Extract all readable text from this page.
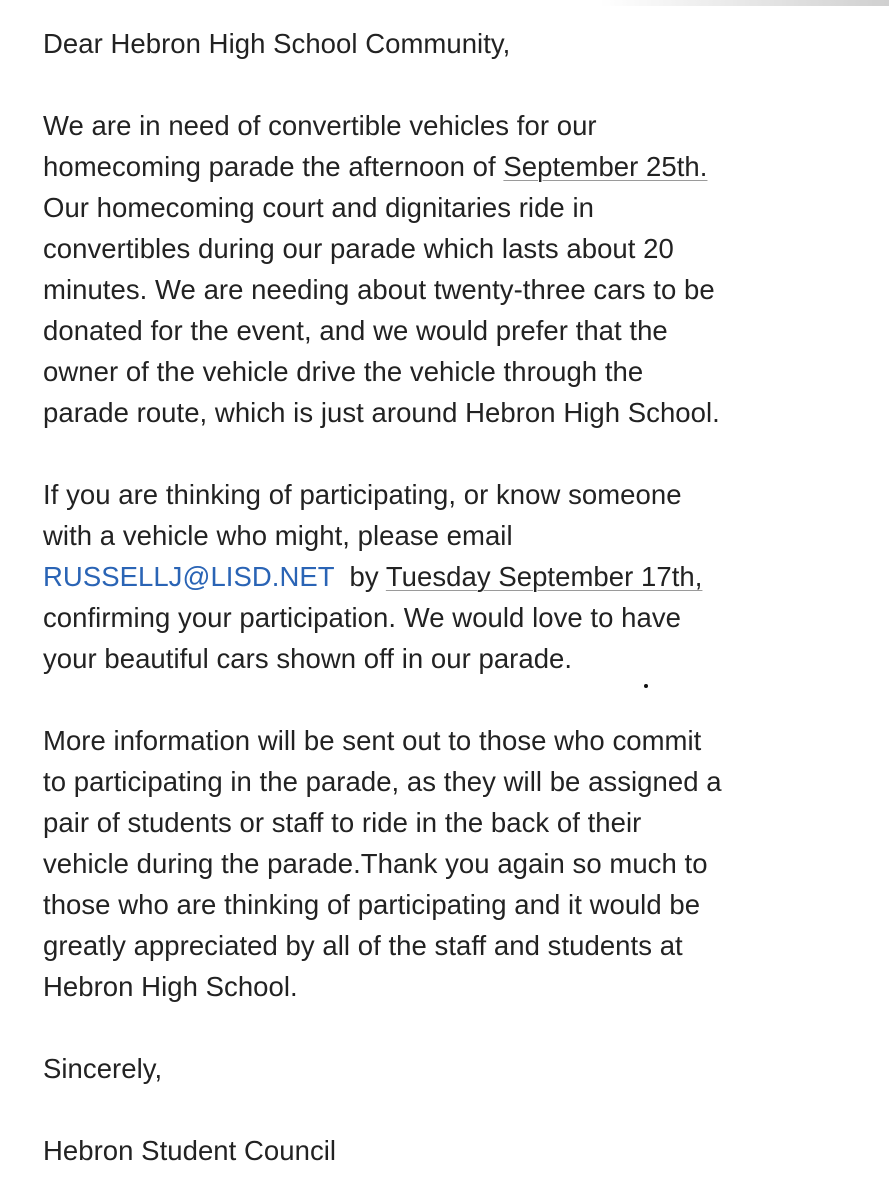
Dear Hebron High School Community,
We are in need of convertible vehicles for our
homecoming parade the afternoon of September 25th.
Our homecoming court and dignitaries ride in
convertibles during our parade which lasts about 20
minutes. We are needing about twenty-three cars to be
donated for the event, and we would prefer that the
owner of the vehicle drive the vehicle through the
parade route, which is just around Hebron High School.
If you are thinking of participating, or know someone
with a vehicle who might, please email
RUSSELLJ@LISD.NET  by Tuesday September 17th,
confirming your participation. We would love to have
your beautiful cars shown off in our parade.
More information will be sent out to those who commit
to participating in the parade, as they will be assigned a
pair of students or staff to ride in the back of their
vehicle during the parade.Thank you again so much to
those who are thinking of participating and it would be
greatly appreciated by all of the staff and students at
Hebron High School.
Sincerely,
Hebron Student Council
